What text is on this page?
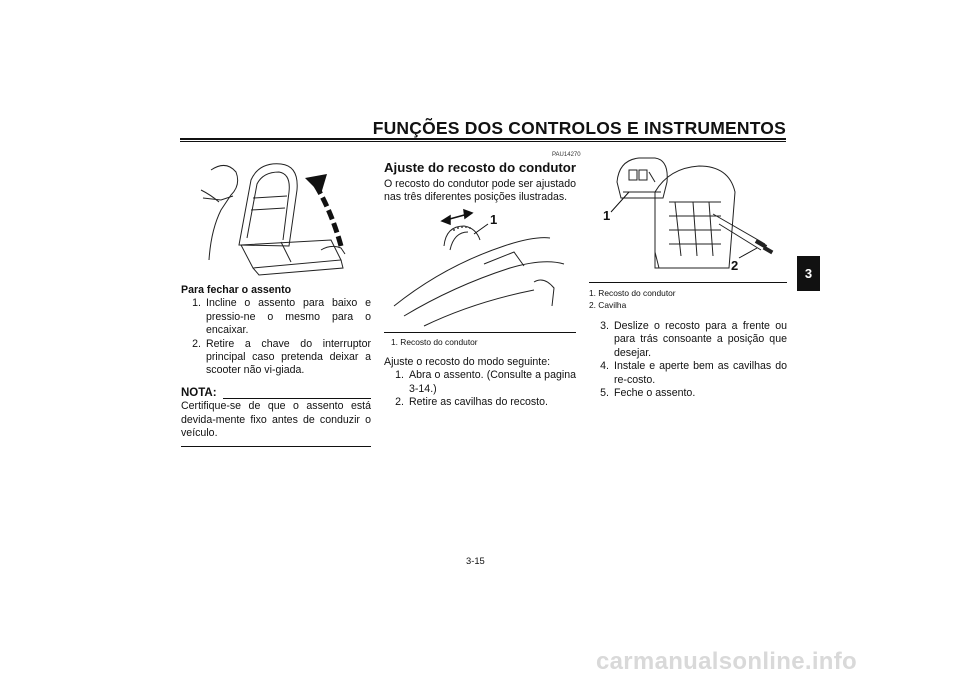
FUNÇÕES DOS CONTROLOS E INSTRUMENTOS
3
Para fechar o assento
1. Incline o assento para baixo e pressio-ne o mesmo para o encaixar.
2. Retire a chave do interruptor principal caso pretenda deixar a scooter não vi-giada.
NOTA:
Certifique-se de que o assento está devida-mente fixo antes de conduzir o veículo.
PAU14270
Ajuste do recosto do condutor
O recosto do condutor pode ser ajustado nas três diferentes posições ilustradas.
1
1. Recosto do condutor
Ajuste o recosto do modo seguinte:
1. Abra o assento. (Consulte a pagina 3-14.)
2. Retire as cavilhas do recosto.
1
2
1. Recosto do condutor
2. Cavilha
3. Deslize o recosto para a frente ou para trás consoante a posição que desejar.
4. Instale e aperte bem as cavilhas do re-costo.
5. Feche o assento.
3-15
carmanualsonline.info
